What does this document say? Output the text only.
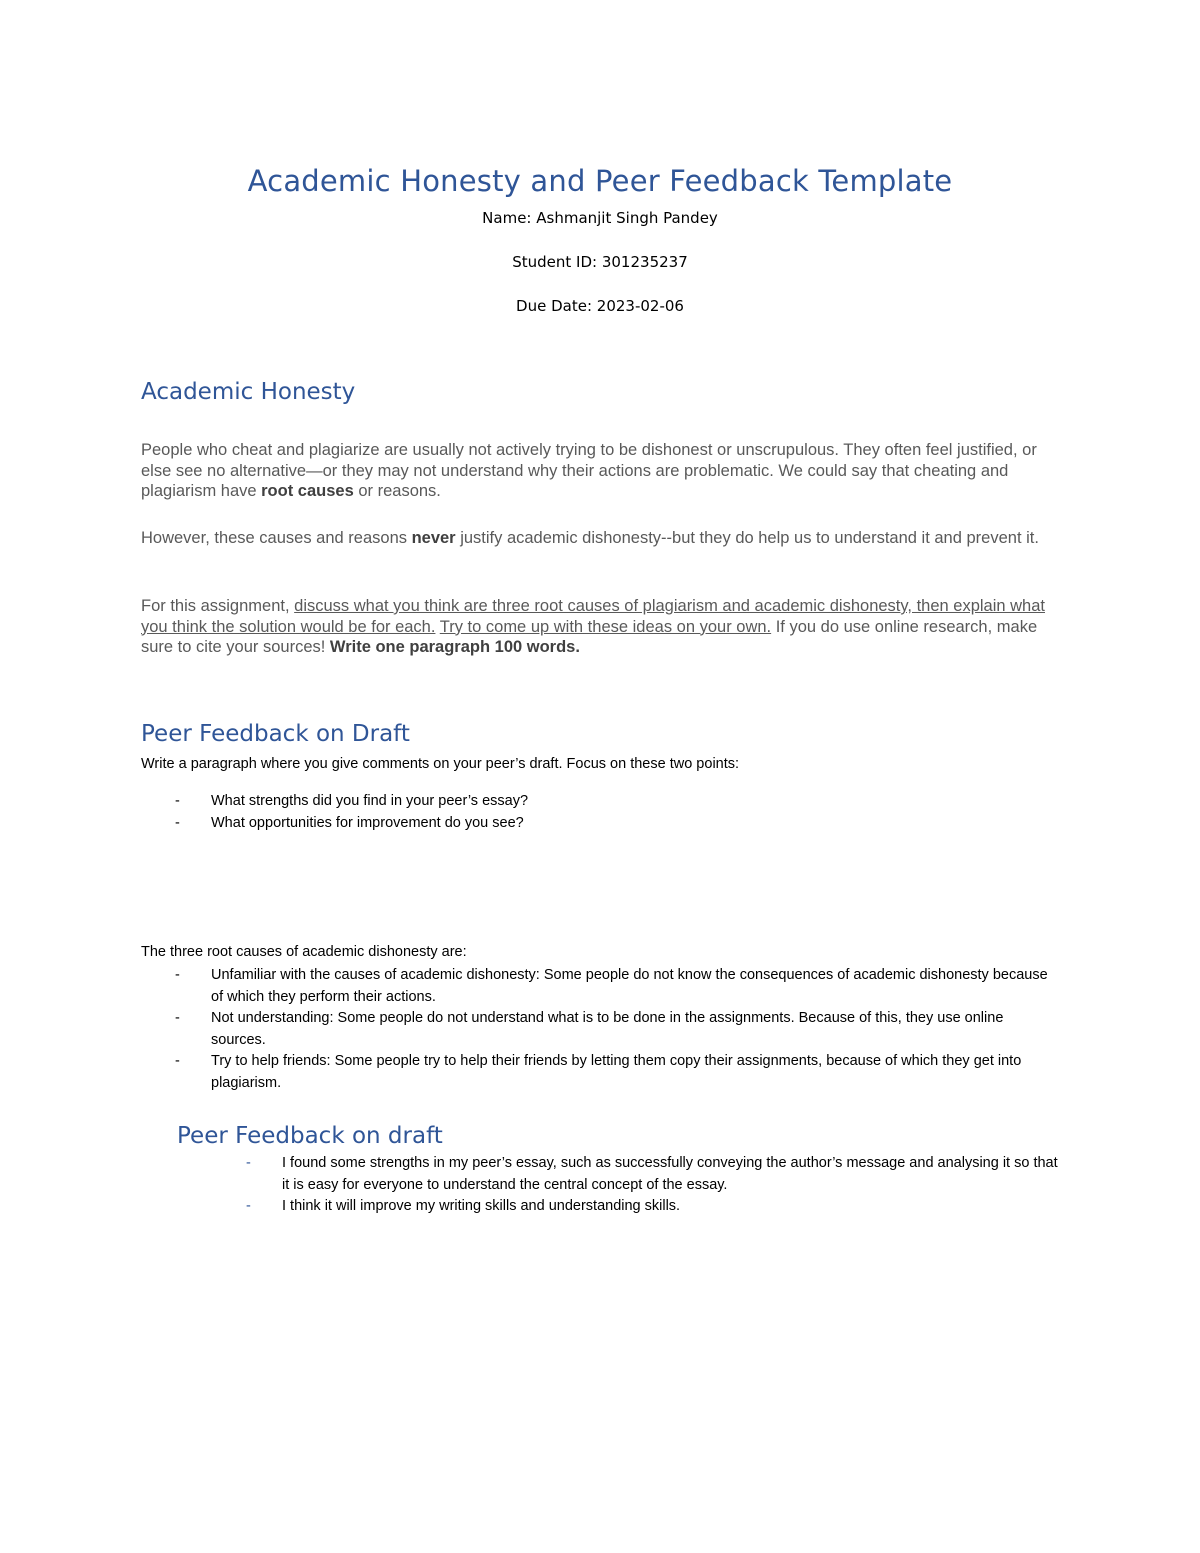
Academic Honesty and Peer Feedback Template
Name: Ashmanjit Singh Pandey
Student ID: 301235237
Due Date: 2023-02-06
Academic Honesty
People who cheat and plagiarize are usually not actively trying to be dishonest or unscrupulous. They often feel justified, or else see no alternative—or they may not understand why their actions are problematic. We could say that cheating and plagiarism have root causes or reasons.
However, these causes and reasons never justify academic dishonesty--but they do help us to understand it and prevent it.
For this assignment, discuss what you think are three root causes of plagiarism and academic dishonesty, then explain what you think the solution would be for each. Try to come up with these ideas on your own. If you do use online research, make sure to cite your sources! Write one paragraph 100 words.
Peer Feedback on Draft
Write a paragraph where you give comments on your peer’s draft. Focus on these two points:
- What strengths did you find in your peer’s essay?
- What opportunities for improvement do you see?
The three root causes of academic dishonesty are:
- Unfamiliar with the causes of academic dishonesty: Some people do not know the consequences of academic dishonesty because of which they perform their actions.
- Not understanding: Some people do not understand what is to be done in the assignments. Because of this, they use online sources.
- Try to help friends: Some people try to help their friends by letting them copy their assignments, because of which they get into plagiarism.
Peer Feedback on draft
- I found some strengths in my peer’s essay, such as successfully conveying the author’s message and analysing it so that it is easy for everyone to understand the central concept of the essay.
- I think it will improve my writing skills and understanding skills.
